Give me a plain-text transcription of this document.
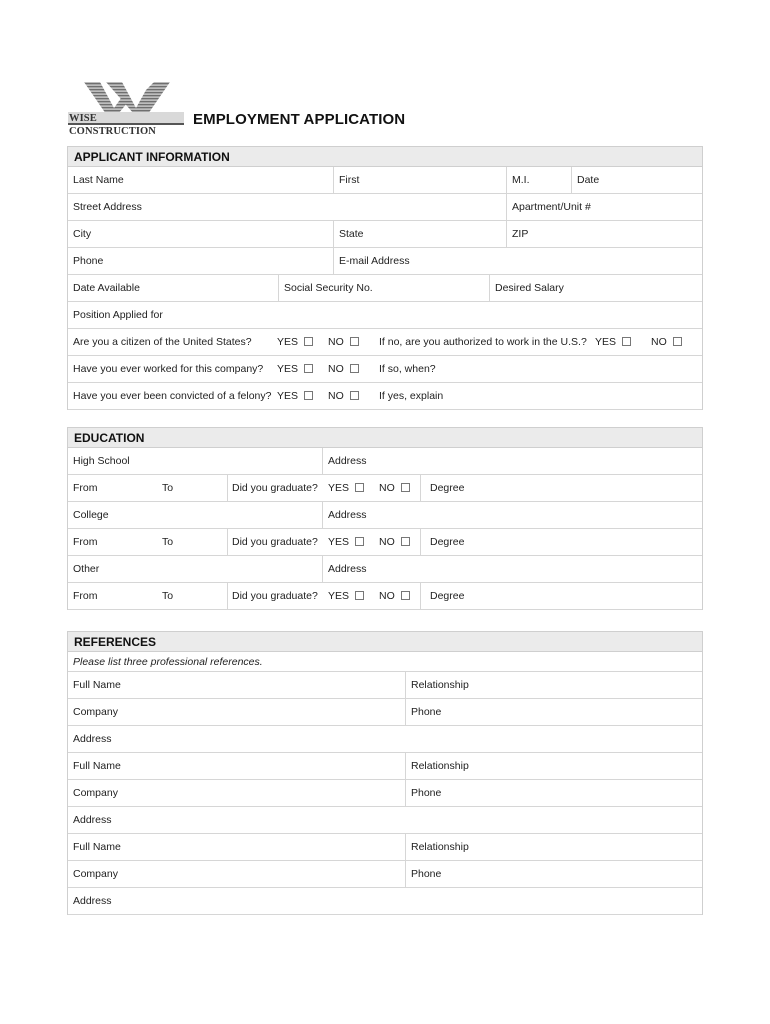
WISE CONSTRUCTION
EMPLOYMENT APPLICATION
APPLICANT INFORMATION
Last Name	First	M.I.	Date
Street Address	Apartment/Unit #
City	State	ZIP
Phone	E-mail Address
Date Available	Social Security No.	Desired Salary
Position Applied for
Are you a citizen of the United States?	YES	NO	If no, are you authorized to work in the U.S.? YES	NO
Have you ever worked for this company?	YES	NO	If so, when?
Have you ever been convicted of a felony? YES	NO	If yes, explain
EDUCATION
High School	Address
From	To	Did you graduate? YES	NO	Degree
College	Address
From	To	Did you graduate? YES	NO	Degree
Other	Address
From	To	Did you graduate? YES	NO	Degree
REFERENCES
Please list three professional references.
Full Name	Relationship
Company	Phone
Address
Full Name	Relationship
Company	Phone
Address
Full Name	Relationship
Company	Phone
Address
